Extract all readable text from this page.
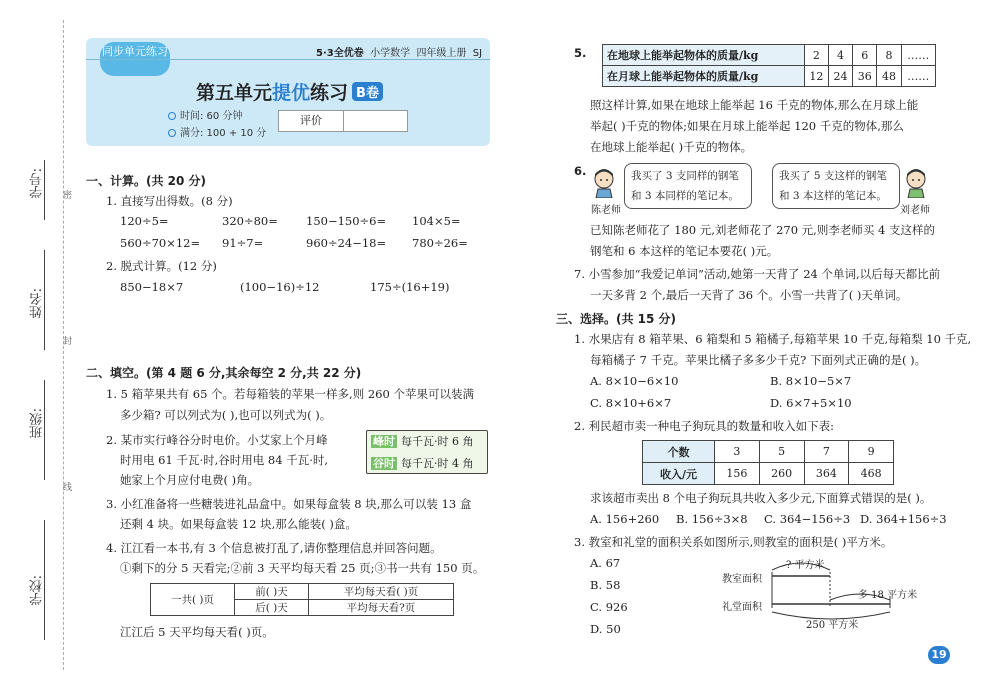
学号:
姓名:
班级:
学校:
密
封
线
同步单元练习	5·3全优卷 小学数学 四年级上册 SJ
第五单元提优练习 B卷
时间: 60 分钟
满分: 100 + 10 分
评价
一、计算。(共 20 分)
1. 直接写出得数。(8 分)
120÷5=	320÷80= 150−150÷6= 104×5=
560÷70×12= 91÷7=	960÷24−18= 780÷26=
2. 脱式计算。(12 分)
850−18×7	(100−16)÷12	175÷(16+19)
二、填空。(第 4 题 6 分,其余每空 2 分,共 22 分)
1. 5 箱苹果共有 65 个。若每箱装的苹果一样多,则 260 个苹果可以装满
多少箱? 可以列式为( ),也可以列式为( )。
2. 某市实行峰谷分时电价。小艾家上个月峰
时用电 61 千瓦·时,谷时用电 84 千瓦·时,
她家上个月应付电费( )角。
峰时 每千瓦·时 6 角
谷时 每千瓦·时 4 角
3. 小红准备将一些糖装进礼品盒中。如果每盒装 8 块,那么可以装 13 盒
还剩 4 块。如果每盒装 12 块,那么能装( )盒。
4. 江江看一本书,有 3 个信息被打乱了,请你整理信息并回答问题。
①剩下的分 5 天看完;②前 3 天平均每天看 25 页;③书一共有 150 页。
一共( )页	前( )天	平均每天看( )页
	后( )天	平均每天看?页
江江后 5 天平均每天看( )页。
5. 在地球上能举起物体的质量/kg	2	4	6	8	……
在月球上能举起物体的质量/kg	12	24	36	48	……
照这样计算,如果在地球上能举起 16 千克的物体,那么在月球上能
举起( )千克的物体;如果在月球上能举起 120 千克的物体,那么
在地球上能举起( )千克的物体。
6.
陈老师
我买了 3 支同样的钢笔
和 3 本同样的笔记本。
我买了 5 支这样的钢笔
和 3 本这样的笔记本。
刘老师
已知陈老师花了 180 元,刘老师花了 270 元,则李老师买 4 支这样的
钢笔和 6 本这样的笔记本要花( )元。
7. 小雪参加“我爱记单词”活动,她第一天背了 24 个单词,以后每天都比前
一天多背 2 个,最后一天背了 36 个。小雪一共背了( )天单词。
三、选择。(共 15 分)
1. 水果店有 8 箱苹果、6 箱梨和 5 箱橘子,每箱苹果 10 千克,每箱梨 10 千克,
每箱橘子 7 千克。苹果比橘子多多少千克? 下面列式正确的是( )。
A. 8×10−6×10	B. 8×10−5×7
C. 8×10+6×7	D. 6×7+5×10
2. 利民超市卖一种电子狗玩具的数量和收入如下表:
个数	3	5	7	9
收入/元	156	260	364	468
求该超市卖出 8 个电子狗玩具共收入多少元,下面算式错误的是( )。
A. 156+260 B. 156÷3×8 C. 364−156÷3 D. 364+156÷3
3. 教室和礼堂的面积关系如图所示,则教室的面积是( )平方米。
A. 67
B. 58
C. 926
D. 50
? 平方米
教室面积
多 18 平方米
礼堂面积
250 平方米
19
